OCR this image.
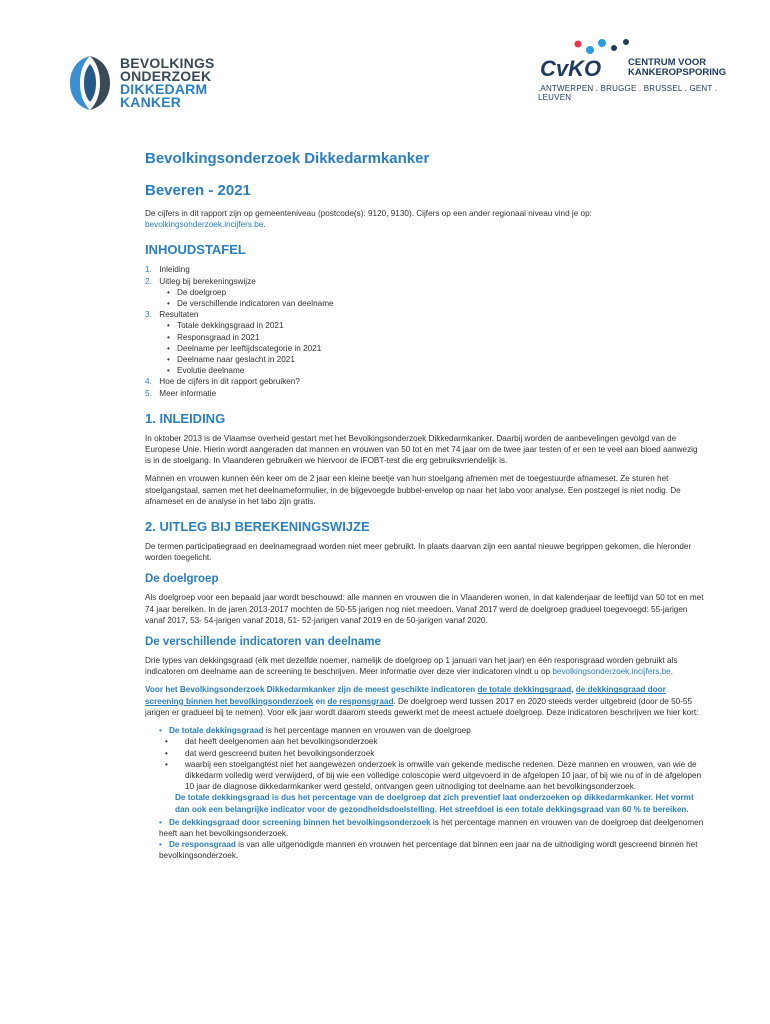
BEVOLKINGS
ONDERZOEK
DIKKEDARM
KANKER
CvKO	CENTRUM VOOR
KANKEROPSPORING
.ANTWERPEN . BRUGGE . BRUSSEL . GENT . LEUVEN
Bevolkingsonderzoek Dikkedarmkanker
Beveren - 2021

De cijfers in dit rapport zijn op gemeenteniveau (postcode(s): 9120, 9130). Cijfers op een ander regionaal niveau vind je op: bevolkingsonderzoek.incijfers.be.

INHOUDSTAFEL
1. Inleiding
2. Uitleg bij berekeningswijze
• De doelgroep
• De verschillende indicatoren van deelname
3. Resultaten
• Totale dekkingsgraad in 2021
• Responsgraad in 2021
• Deelname per leeftijdscategorie in 2021
• Deelname naar geslacht in 2021
• Evolutie deelname
4. Hoe de cijfers in dit rapport gebruiken?
5. Meer informatie
1. INLEIDING

In oktober 2013 is de Vlaamse overheid gestart met het Bevolkingsonderzoek Dikkedarmkanker. Daarbij worden de aanbevelingen gevolgd van de Europese Unie. Hierin wordt aangeraden dat mannen en vrouwen van 50 tot en met 74 jaar om de twee jaar testen of er een te veel aan bloed aanwezig is in de stoelgang. In Vlaanderen gebruiken we hiervoor de iFOBT-test die erg gebruiksvriendelijk is.

Mannen en vrouwen kunnen één keer om de 2 jaar een kleine beetje van hun stoelgang afnemen met de toegestuurde afnameset. Ze sturen het stoelgangstaal, samen met het deelnameformulier, in de bijgevoegde bubbel-envelop op naar het labo voor analyse. Een postzegel is niet nodig. De afnameset en de analyse in het labo zijn gratis.

2. UITLEG BIJ BEREKENINGSWIJZE

De termen participatiegraad en deelnamegraad worden niet meer gebruikt. In plaats daarvan zijn een aantal nieuwe begrippen gekomen, die hieronder worden toegelicht.

De doelgroep

Als doelgroep voor een bepaald jaar wordt beschouwd: alle mannen en vrouwen die in Vlaanderen wonen, in dat kalenderjaar de leeftijd van 50 tot en met 74 jaar bereiken. In de jaren 2013-2017 mochten de 50-55 jarigen nog niet meedoen. Vanaf 2017 werd de doelgroep gradueel toegevoegd: 55-jarigen vanaf 2017, 53- 54-jarigen vanaf 2018, 51- 52-jarigen vanaf 2019 en de 50-jarigen vanaf 2020.

De verschillende indicatoren van deelname

Drie types van dekkingsgraad (elk met dezelfde noemer, namelijk de doelgroep op 1 januari van het jaar) en één responsgraad worden gebruikt als indicatoren om deelname aan de screening te beschrijven. Meer informatie over deze vier indicatoren vindt u op bevolkingsonderzoek.incijfers.be.

Voor het Bevolkingsonderzoek Dikkedarmkanker zijn de meest geschikte indicatoren de totale dekkingsgraad, de dekkingsgraad door screening binnen het bevolkingsonderzoek en de responsgraad. De doelgroep werd tussen 2017 en 2020 steeds verder uitgebreid (door de 50-55 jarigen er gradueel bij te nemen). Voor elk jaar wordt daarom steeds gewerkt met de meest actuele doelgroep. Deze indicatoren beschrijven we hier kort:

• De totale dekkingsgraad is het percentage mannen en vrouwen van de doelgroep
• dat heeft deelgenomen aan het bevolkingsonderzoek
• dat werd gescreend buiten het bevolkingsonderzoek
• waarbij een stoelgangtest niet het aangewezen onderzoek is omwille van gekende medische redenen. Deze mannen en vrouwen, van wie de dikkedarm volledig werd verwijderd, of bij wie een volledige coloscopie werd uitgevoerd in de afgelopen 10 jaar, of bij wie nu of in de afgelopen 10 jaar de diagnose dikkedarmkanker werd gesteld, ontvangen geen uitnodiging tot deelname aan het bevolkingsonderzoek.
De totale dekkingsgraad is dus het percentage van de doelgroep dat zich preventief laat onderzoeken op dikkedarmkanker. Het vormt dan ook een belangrijke indicator voor de gezondheidsdoelstelling. Het streefdoel is een totale dekkingsgraad van 60 % te bereiken.
• De dekkingsgraad door screening binnen het bevolkingsonderzoek is het percentage mannen en vrouwen van de doelgroep dat deelgenomen heeft aan het bevolkingsonderzoek.
• De responsgraad is van alle uitgenodigde mannen en vrouwen het percentage dat binnen een jaar na de uitnodiging wordt gescreend binnen het bevolkingsonderzoek.
